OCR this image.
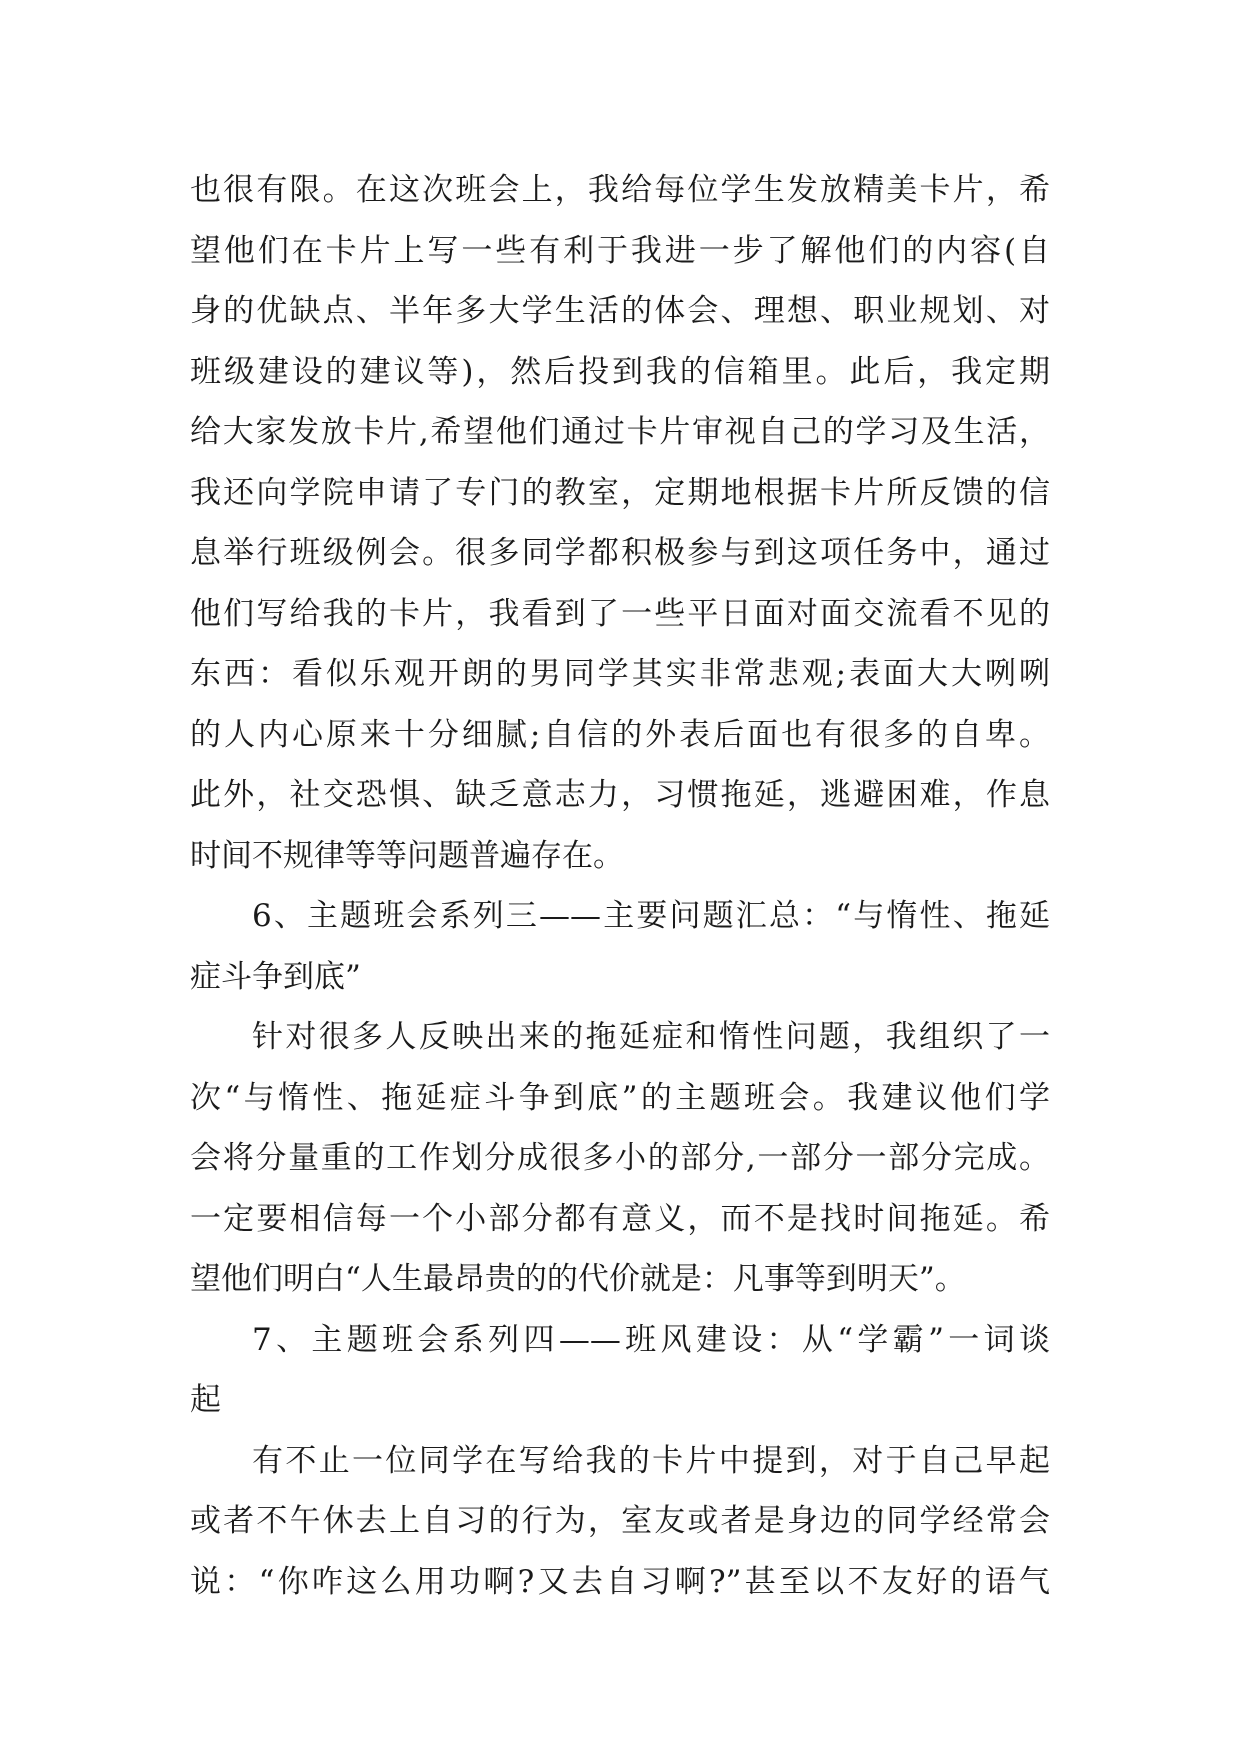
也很有限。在这次班会上，我给每位学生发放精美卡片，希
望他们在卡片上写一些有利于我进一步了解他们的内容(自
身的优缺点、半年多大学生活的体会、理想、职业规划、对
班级建设的建议等)，然后投到我的信箱里。此后，我定期
给大家发放卡片,希望他们通过卡片审视自己的学习及生活，
我还向学院申请了专门的教室，定期地根据卡片所反馈的信
息举行班级例会。很多同学都积极参与到这项任务中，通过
他们写给我的卡片，我看到了一些平日面对面交流看不见的
东西：看似乐观开朗的男同学其实非常悲观;表面大大咧咧
的人内心原来十分细腻;自信的外表后面也有很多的自卑。
此外，社交恐惧、缺乏意志力，习惯拖延，逃避困难，作息
时间不规律等等问题普遍存在。
6、主题班会系列三——主要问题汇总：“与惰性、拖延
症斗争到底”
针对很多人反映出来的拖延症和惰性问题，我组织了一
次“与惰性、拖延症斗争到底”的主题班会。我建议他们学
会将分量重的工作划分成很多小的部分,一部分一部分完成。
一定要相信每一个小部分都有意义，而不是找时间拖延。希
望他们明白“人生最昂贵的的代价就是：凡事等到明天”。
7、主题班会系列四——班风建设：从“学霸”一词谈
起
有不止一位同学在写给我的卡片中提到，对于自己早起
或者不午休去上自习的行为，室友或者是身边的同学经常会
说：“你咋这么用功啊?又去自习啊?”甚至以不友好的语气
